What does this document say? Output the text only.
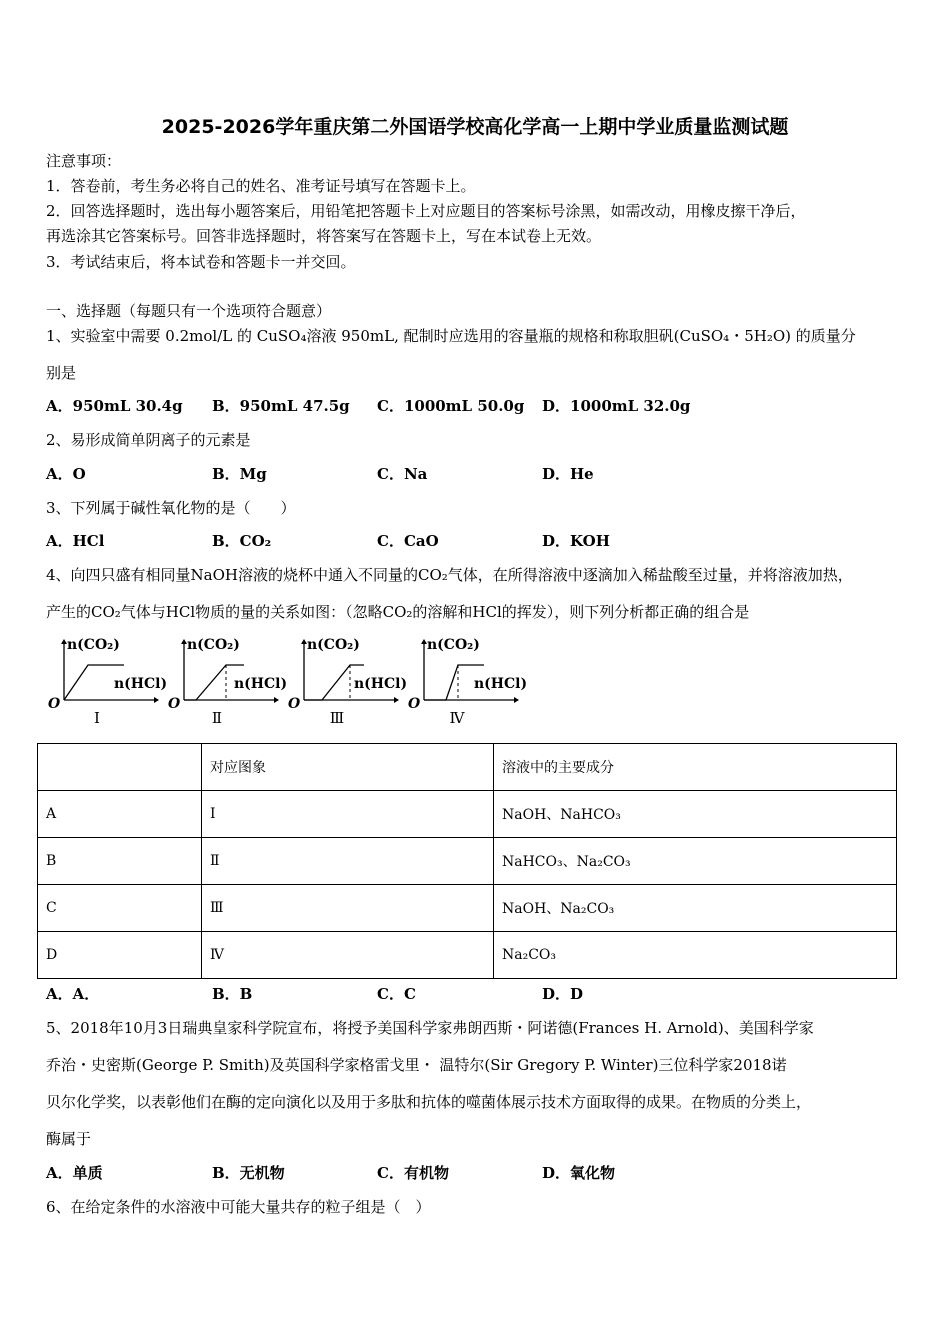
2025-2026学年重庆第二外国语学校高化学高一上期中学业质量监测试题
注意事项：
1．答卷前，考生务必将自己的姓名、准考证号填写在答题卡上。
2．回答选择题时，选出每小题答案后，用铅笔把答题卡上对应题目的答案标号涂黑，如需改动，用橡皮擦干净后，
再选涂其它答案标号。回答非选择题时，将答案写在答题卡上，写在本试卷上无效。
3．考试结束后，将本试卷和答题卡一并交回。
一、选择题（每题只有一个选项符合题意）
1、实验室中需要 0.2mol/L 的 CuSO₄溶液 950mL, 配制时应选用的容量瓶的规格和称取胆矾(CuSO₄・5H₂O) 的质量分
别是
A．950mL 30.4g B．950mL 47.5g C．1000mL 50.0g D．1000mL 32.0g
2、易形成简单阴离子的元素是
A．O	B．Mg	C．Na	D．He
3、下列属于碱性氧化物的是（　　）
A．HCl	B．CO₂	C．CaO	D．KOH
4、向四只盛有相同量NaOH溶液的烧杯中通入不同量的CO₂气体，在所得溶液中逐滴加入稀盐酸至过量，并将溶液加热，
产生的CO₂气体与HCl物质的量的关系如图：（忽略CO₂的溶解和HCl的挥发），则下列分析都正确的组合是
n(CO₂)
n(HCl)
O
Ⅰ
n(CO₂)
n(HCl)
O
Ⅱ
n(CO₂)
n(HCl)
O
Ⅲ
n(CO₂)
n(HCl)
O
Ⅳ
	对应图象	溶液中的主要成分
A	Ⅰ	NaOH、NaHCO₃
B	Ⅱ	NaHCO₃、Na₂CO₃
C	Ⅲ	NaOH、Na₂CO₃
D	Ⅳ	Na₂CO₃
A．A．	B．B	C．C	D．D
5、2018年10月3日瑞典皇家科学院宣布，将授予美国科学家弗朗西斯・阿诺德(Frances H. Arnold)、美国科学家
乔治・史密斯(George P. Smith)及英国科学家格雷戈里・ 温特尔(Sir Gregory P. Winter)三位科学家2018诺
贝尔化学奖，以表彰他们在酶的定向演化以及用于多肽和抗体的噬菌体展示技术方面取得的成果。在物质的分类上，
酶属于
A．单质	B．无机物	C．有机物	D．氧化物
6、在给定条件的水溶液中可能大量共存的粒子组是（　）
